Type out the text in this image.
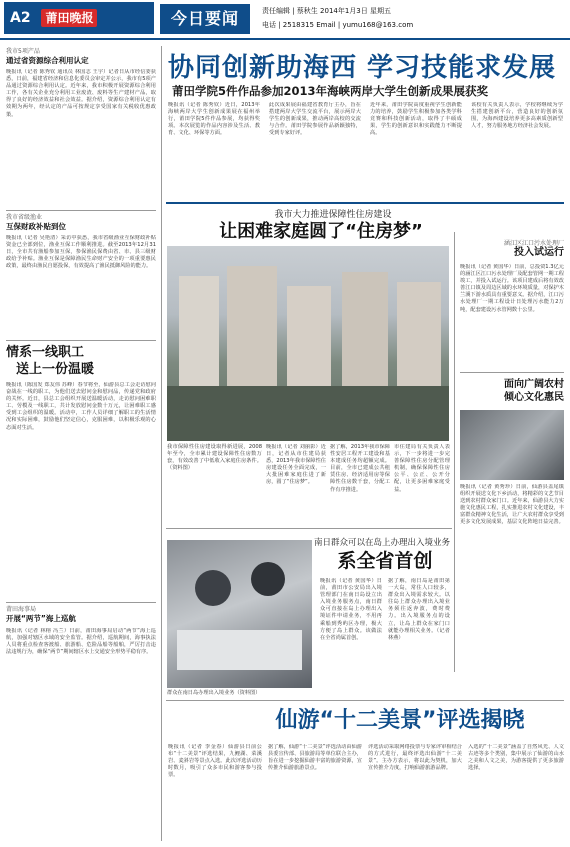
A2 莆田晚报	今日要闻	责任编辑 | 蔡秋生 2014年1月3日 星期五
电话 | 2518315 Email | yumu168@163.com
我市5项产品
通过省资源综合利用认定
晚报讯（记者 陈秀钦 通讯员 林国志 王宇）记者日从市经信委获悉，日前，福建省经济和信息化委员会审定并公示，我市有5项产品通过资源综合利用认定。近年来，我市积极开展资源综合利用工作，各有关企业充分利用工业废渣、废料等生产建材产品，取得了良好的经济效益和社会效益。据介绍，资源综合利用认定有效期为两年，经认定的产品可按规定享受国家有关税收优惠政策。
我市省级渔业
互保财政补贴到位
晚报讯（记者 吴艳清）采访中获悉，我市省级渔业互保财政补贴资金已全部到位，渔业互保工作顺利推进。截至2013年12月31日，全市共有渔船参加互保，参保渔民保费由省、市、县三级财政给予补贴。渔业互保是保障渔民生命财产安全的一项重要惠民政策，最终由渔民自愿投保，有效提高了渔民抵御风险的能力。
情系一线职工
送上一份温暖
晚报讯（陈国发 郑友伟 苏峰）春节将至，仙游县总工会走访慰问奋战在一线的职工，为他们送去慰问金和慰问品，传递党和政府的关怀。近日，县总工会组织开展送温暖活动，走访慰问困难职工、劳模及一线职工，共计发放慰问金数十万元，让困难职工感受到工会组织的温暖。活动中，工作人员详细了解职工的生活情况和实际困难，鼓励他们坚定信心，克服困难，以积极乐观的心态面对生活。
莆田海事局
开展“两节”海上巡航
晚报讯（记者 林榕 冯兰）日前，莆田海事局启动“两节”海上巡航，加强对辖区水域的安全监管。据介绍，巡航期间，海事执法人员将重点检查客渡船、旅游船、危险品船等船舶，严厉打击违法违规行为，确保“两节”期间辖区水上交通安全形势平稳有序。
协同创新助海西 学习技能求发展
莆田学院5件作品参加2013年海峡两岸大学生创新成果展获奖
晚报讯（记者 陈秀钦）近日，2013年海峡两岸大学生创新成果展在福州举行，莆田学院5件作品参展，均获得奖项。本次展览的作品内容涉及生活、教育、文化、环保等方面。
此次成果展由福建省教育厅主办，旨在搭建两岸大学生交流平台，展示两岸大学生的创新成果，推动两岸高校的交流与合作。莆田学院参展作品新颖独特，受到专家好评。
近年来，莆田学院高度重视学生创新能力的培养，鼓励学生积极参加各类学科竞赛和科技创新活动，取得了丰硕成果，学生的创新意识和实践能力不断提高。
该校有关负责人表示，学校将继续为学生搭建创新平台，营造良好的创新氛围，为海西建设培养更多高素质创新型人才，努力服务地方经济社会发展。
我市大力推进保障性住房建设
让困难家庭圆了“住房梦”
我市保障性住房建设取得新进展，2008年至今，全市累计建设保障性住房数万套，有效改善了中低收入家庭住房条件。（资料图）
晚报讯（记者 刘丽影）近日，记者从市住建局获悉，2013年我市保障性住房建设任务全面完成，一大批困难家庭住进了新房，圆了“住房梦”。
据了解，2013年我市保障性安居工程开工建设和基本建成任务均超额完成。目前，全市已建成公共租赁住房、经济适用房等保障性住房数千套，分配工作有序推进。
市住建局有关负责人表示，下一步将进一步完善保障性住房分配管理机制，确保保障性住房公平、公正、公开分配，让更多困难家庭受益。
涵江区江口污水处理厂
投入试运行
晚报讯（记者 黄国华）日前，总投资1.3亿元的涵江区江口污水处理厂及配套管网一期工程竣工，并投入试运行。该项目建成后将有效改善江口镇及周边区域的水环境质量，对保护木兰溪下游水质具有重要意义。据介绍，江口污水处理厂一期工程设计日处理污水能力2万吨，配套建设污水管网数十公里。
面向广阔农村
倾心文化惠民
晚报讯（记者 黄秀珍）日前，仙游县盖尾镇组织开展送文化下乡活动，将精彩的文艺节目送到农村群众家门口。近年来，仙游县大力实施文化惠民工程，扎实推进农村文化建设，丰富群众精神文化生活，让广大农村群众享受到更多文化发展成果，基层文化阵地日益完善。
南日群众可以在岛上办理出入境业务
系全省首创
群众在南日岛办理出入境业务（资料图）
晚报讯（记者 黄国华）日前，莆田市公安局出入境管理部门在南日岛设立出入境业务服务点，南日群众可直接在岛上办理出入境证件申请业务，不用再乘船到秀屿区办理，极大方便了岛上群众。该做法在全省尚属首创。
据了解，南日岛是莆田第一大岛，常住人口较多，群众出入境需求较大。以往岛上群众办理出入境业务须往返奔波，费时费力。出入境服务点的设立，让岛上群众在家门口就能办理相关业务。（记者 林燕）
仙游“十二美景”评选揭晓
晚报讯（记者 李金春）仙游县日前公布“十二美景”评选结果，九鲤湖、菜溪岩、麦斜岩等景点入选。此次评选活动历时数月，吸引了众多市民和游客参与投票。
据了解，仙游“十二美景”评选活动由仙游县委宣传部、县旅游局等单位联合主办，旨在进一步挖掘仙游丰富的旅游资源，宣传推介仙游旅游景点。
评选活动采取网络投票与专家评审相结合的方式进行，最终评选出仙游“十二美景”。主办方表示，将以此为契机，加大宣传推介力度，打响仙游旅游品牌。
入选的“十二美景”涵盖了自然风光、人文古迹等多个类别，集中展示了仙游的山水之美和人文之美，为游客提供了更多旅游选择。
